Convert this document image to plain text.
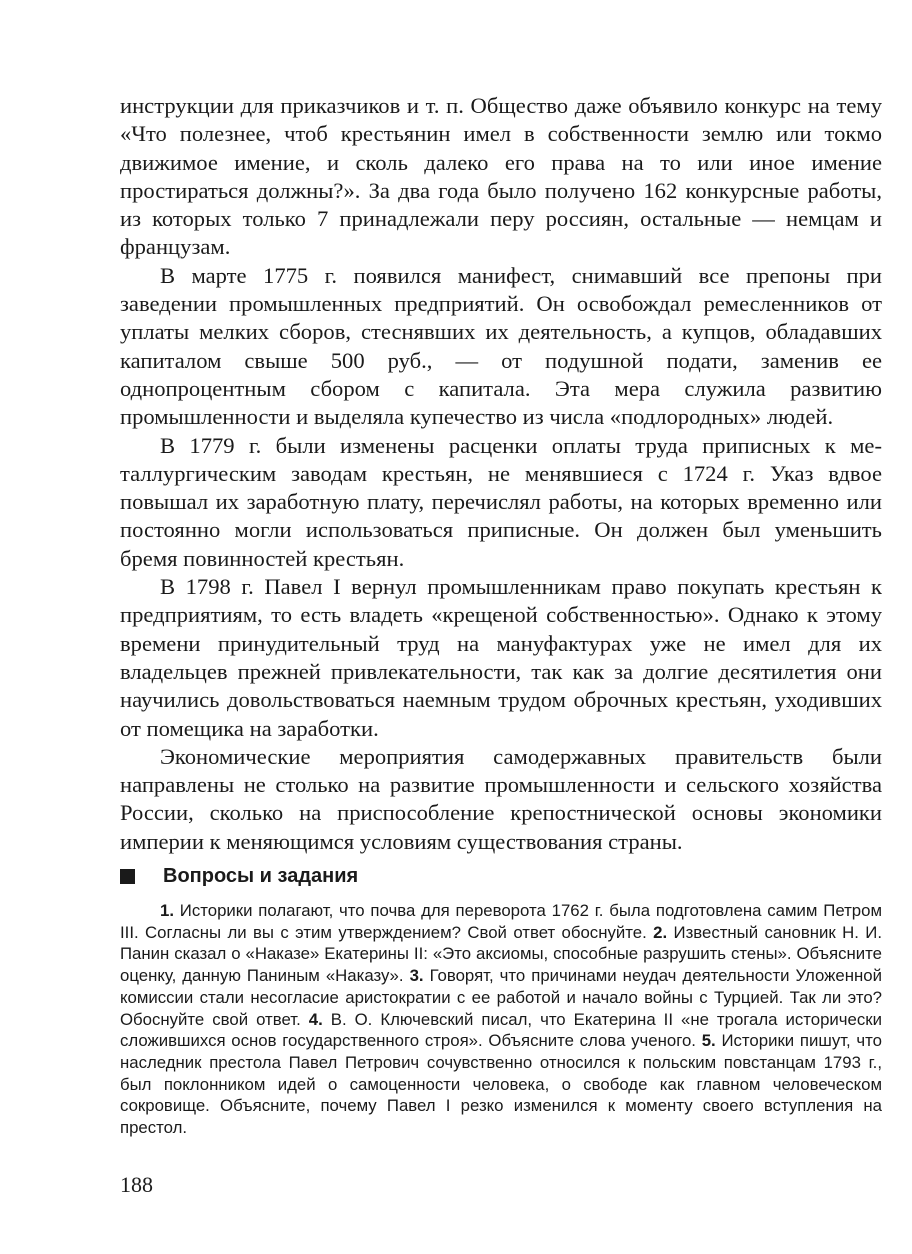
инструкции для приказчиков и т. п. Общество даже объявило конкурс на тему «Что полезнее, чтоб крестьянин имел в собственности землю или токмо движимое имение, и сколь далеко его права на то или иное имение простираться должны?». За два года было получено 162 конкурсные работы, из которых только 7 принадлежали перу россиян, остальные — немцам и французам.

В марте 1775 г. появился манифест, снимавший все препоны при заведении промышленных предприятий. Он освобождал ремесленников от уплаты мелких сборов, стеснявших их деятельность, а купцов, обладавших капиталом свыше 500 руб., — от подушной подати, заменив ее однопроцентным сбором с капитала. Эта мера служила развитию промышленности и выделяла купечество из числа «подлородных» людей.

В 1779 г. были изменены расценки оплаты труда приписных к металлургическим заводам крестьян, не менявшиеся с 1724 г. Указ вдвое повышал их заработную плату, перечислял работы, на которых временно или постоянно могли использоваться приписные. Он должен был уменьшить бремя повинностей крестьян.

В 1798 г. Павел I вернул промышленникам право покупать крестьян к предприятиям, то есть владеть «крещеной собственностью». Однако к этому времени принудительный труд на мануфактурах уже не имел для их владельцев прежней привлекательности, так как за долгие десятилетия они научились довольствоваться наемным трудом оброчных крестьян, уходивших от помещика на заработки.

Экономические мероприятия самодержавных правительств были направлены не столько на развитие промышленности и сельского хозяйства России, сколько на приспособление крепостнической основы экономики империи к меняющимся условиям существования страны.

Вопросы и задания
1. Историки полагают, что почва для переворота 1762 г. была подготовлена самим Петром III. Согласны ли вы с этим утверждением? Свой ответ обоснуйте. 2. Известный сановник Н. И. Панин сказал о «Наказе» Екатерины II: «Это аксиомы, способные разрушить стены». Объясните оценку, данную Паниным «Наказу». 3. Говорят, что причинами неудач деятельности Уложенной комиссии стали несогласие аристократии с ее работой и начало войны с Турцией. Так ли это? Обоснуйте свой ответ. 4. В. О. Ключевский писал, что Екатерина II «не трогала исторически сложившихся основ государственного строя». Объясните слова ученого. 5. Историки пишут, что наследник престола Павел Петрович сочувственно относился к польским повстанцам 1793 г., был поклонником идей о самоценности человека, о свободе как главном человеческом сокровище. Объясните, почему Павел I резко изменился к моменту своего вступления на престол.
188
